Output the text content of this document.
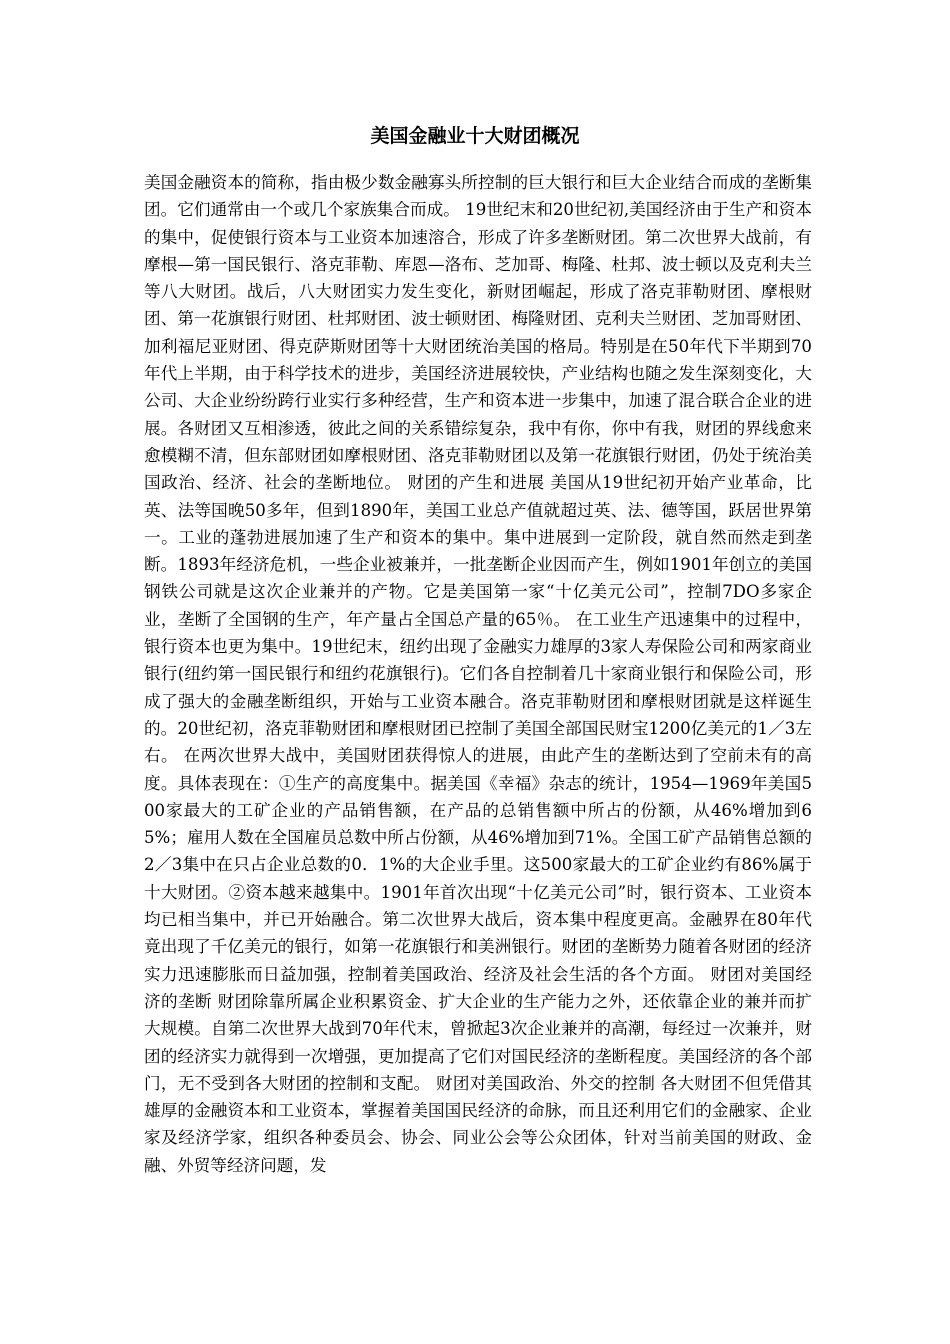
美国金融业十大财团概况

美国金融资本的简称，指由极少数金融寡头所控制的巨大银行和巨大企业结合而成的垄断集团。它们通常由一个或几个家族集合而成。 19世纪末和20世纪初,美国经济由于生产和资本的集中，促使银行资本与工业资本加速溶合，形成了许多垄断财团。第二次世界大战前，有摩根—第一国民银行、洛克菲勒、库恩—洛布、芝加哥、梅隆、杜邦、波士顿以及克利夫兰等八大财团。战后，八大财团实力发生变化，新财团崛起，形成了洛克菲勒财团、摩根财团、第一花旗银行财团、杜邦财团、波士顿财团、梅隆财团、克利夫兰财团、芝加哥财团、加利福尼亚财团、得克萨斯财团等十大财团统治美国的格局。特别是在50年代下半期到70年代上半期，由于科学技术的进步，美国经济进展较快，产业结构也随之发生深刻变化，大公司、大企业纷纷跨行业实行多种经营，生产和资本进一步集中，加速了混合联合企业的进展。各财团又互相渗透，彼此之间的关系错综复杂，我中有你，你中有我，财团的界线愈来愈模糊不清，但东部财团如摩根财团、洛克菲勒财团以及第一花旗银行财团，仍处于统治美国政治、经济、社会的垄断地位。 财团的产生和进展 美国从19世纪初开始产业革命，比英、法等国晚50多年，但到1890年，美国工业总产值就超过英、法、德等国，跃居世界第一。工业的蓬勃进展加速了生产和资本的集中。集中进展到一定阶段，就自然而然走到垄断。1893年经济危机，一些企业被兼并，一批垄断企业因而产生，例如1901年创立的美国钢铁公司就是这次企业兼并的产物。它是美国第一家“十亿美元公司”，控制7DO多家企业，垄断了全国钢的生产，年产量占全国总产量的65％。 在工业生产迅速集中的过程中，银行资本也更为集中。19世纪末，纽约出现了金融实力雄厚的3家人寿保险公司和两家商业银行(纽约第一国民银行和纽约花旗银行)。它们各自控制着几十家商业银行和保险公司，形成了强大的金融垄断组织，开始与工业资本融合。洛克菲勒财团和摩根财团就是这样诞生的。20世纪初，洛克菲勒财团和摩根财团已控制了美国全部国民财宝1200亿美元的1／3左右。 在两次世界大战中，美国财团获得惊人的进展，由此产生的垄断达到了空前未有的高度。具体表现在：①生产的高度集中。据美国《幸福》杂志的统计，1954—1969年美国500家最大的工矿企业的产品销售额，在产品的总销售额中所占的份额，从46%增加到65%；雇用人数在全国雇员总数中所占份额，从46%增加到71%。全国工矿产品销售总额的2／3集中在只占企业总数的0．1%的大企业手里。这500家最大的工矿企业约有86%属于十大财团。②资本越来越集中。1901年首次出现“十亿美元公司”时，银行资本、工业资本均已相当集中，并已开始融合。第二次世界大战后，资本集中程度更高。金融界在80年代竟出现了千亿美元的银行，如第一花旗银行和美洲银行。财团的垄断势力随着各财团的经济实力迅速膨胀而日益加强，控制着美国政治、经济及社会生活的各个方面。 财团对美国经济的垄断 财团除靠所属企业积累资金、扩大企业的生产能力之外，还依靠企业的兼并而扩大规模。自第二次世界大战到70年代末，曾掀起3次企业兼并的高潮，每经过一次兼并，财团的经济实力就得到一次增强，更加提高了它们对国民经济的垄断程度。美国经济的各个部门，无不受到各大财团的控制和支配。 财团对美国政治、外交的控制 各大财团不但凭借其雄厚的金融资本和工业资本，掌握着美国国民经济的命脉，而且还利用它们的金融家、企业家及经济学家，组织各种委员会、协会、同业公会等公众团体，针对当前美国的财政、金融、外贸等经济问题，发
